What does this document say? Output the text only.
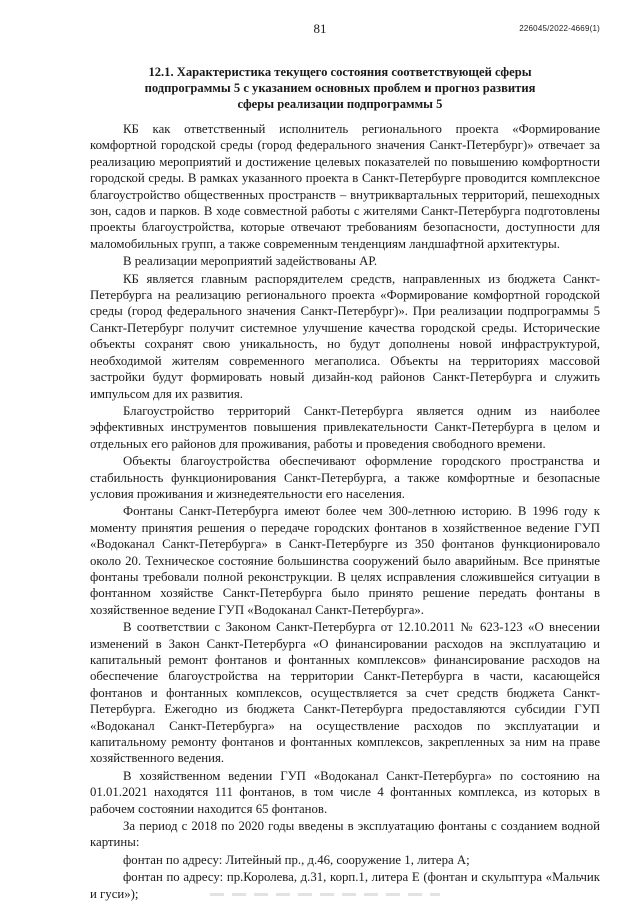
81	226045/2022-4669(1)
12.1. Характеристика текущего состояния соответствующей сферы подпрограммы 5 с указанием основных проблем и прогноз развития сферы реализации подпрограммы 5

КБ как ответственный исполнитель регионального проекта «Формирование комфортной городской среды (город федерального значения Санкт-Петербург)» отвечает за реализацию мероприятий и достижение целевых показателей по повышению комфортности городской среды. В рамках указанного проекта в Санкт-Петербурге проводится комплексное благоустройство общественных пространств – внутриквартальных территорий, пешеходных зон, садов и парков. В ходе совместной работы с жителями Санкт-Петербурга подготовлены проекты благоустройства, которые отвечают требованиям безопасности, доступности для маломобильных групп, а также современным тенденциям ландшафтной архитектуры.

В реализации мероприятий задействованы АР.

КБ является главным распорядителем средств, направленных из бюджета Санкт-Петербурга на реализацию регионального проекта «Формирование комфортной городской среды (город федерального значения Санкт-Петербург)». При реализации подпрограммы 5 Санкт-Петербург получит системное улучшение качества городской среды. Исторические объекты сохранят свою уникальность, но будут дополнены новой инфраструктурой, необходимой жителям современного мегаполиса. Объекты на территориях массовой застройки будут формировать новый дизайн-код районов Санкт-Петербурга и служить импульсом для их развития.

Благоустройство территорий Санкт-Петербурга является одним из наиболее эффективных инструментов повышения привлекательности Санкт-Петербурга в целом и отдельных его районов для проживания, работы и проведения свободного времени.

Объекты благоустройства обеспечивают оформление городского пространства и стабильность функционирования Санкт-Петербурга, а также комфортные и безопасные условия проживания и жизнедеятельности его населения.

Фонтаны Санкт-Петербурга имеют более чем 300-летнюю историю. В 1996 году к моменту принятия решения о передаче городских фонтанов в хозяйственное ведение ГУП «Водоканал Санкт-Петербурга» в Санкт-Петербурге из 350 фонтанов функционировало около 20. Техническое состояние большинства сооружений было аварийным. Все принятые фонтаны требовали полной реконструкции. В целях исправления сложившейся ситуации в фонтанном хозяйстве Санкт-Петербурга было принято решение передать фонтаны в хозяйственное ведение ГУП «Водоканал Санкт-Петербурга».

В соответствии с Законом Санкт-Петербурга от 12.10.2011 № 623-123 «О внесении изменений в Закон Санкт-Петербурга «О финансировании расходов на эксплуатацию и капитальный ремонт фонтанов и фонтанных комплексов» финансирование расходов на обеспечение благоустройства на территории Санкт-Петербурга в части, касающейся фонтанов и фонтанных комплексов, осуществляется за счет средств бюджета Санкт-Петербурга. Ежегодно из бюджета Санкт-Петербурга предоставляются субсидии ГУП «Водоканал Санкт-Петербурга» на осуществление расходов по эксплуатации и капитальному ремонту фонтанов и фонтанных комплексов, закрепленных за ним на праве хозяйственного ведения.

В хозяйственном ведении ГУП «Водоканал Санкт-Петербурга» по состоянию на 01.01.2021 находятся 111 фонтанов, в том числе 4 фонтанных комплекса, из которых в рабочем состоянии находится 65 фонтанов.

За период с 2018 по 2020 годы введены в эксплуатацию фонтаны с созданием водной картины:

фонтан по адресу: Литейный пр., д.46, сооружение 1, литера А;

фонтан по адресу: пр.Королева, д.31, корп.1, литера Е (фонтан и скульптура «Мальчик и гуси»);
